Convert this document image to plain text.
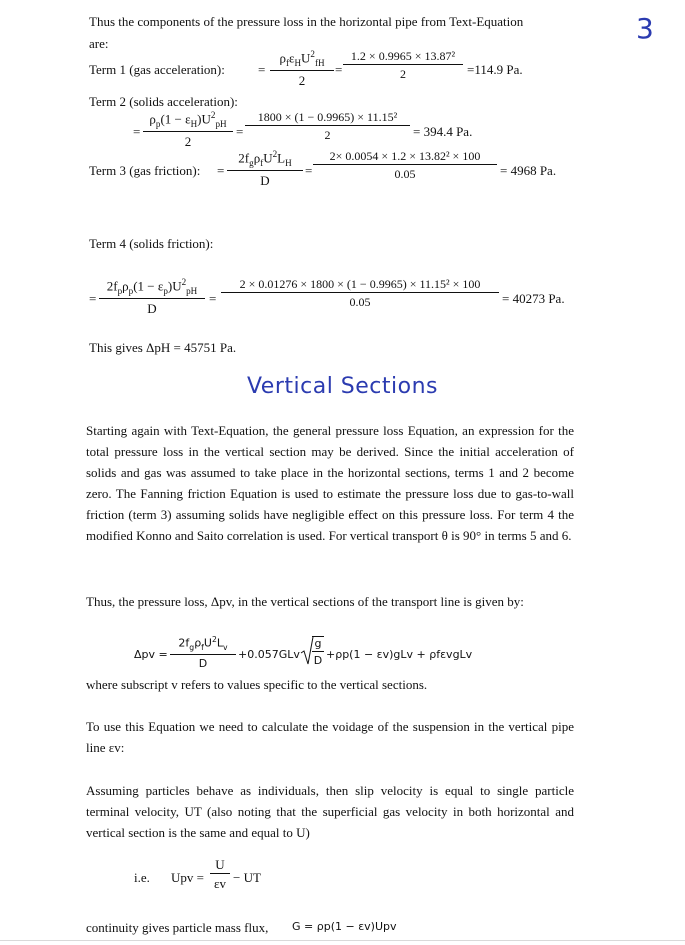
3
Thus the components of the pressure loss in the horizontal pipe from Text-Equation
are:
Term 1 (gas acceleration):	=
$\rho_f\varepsilon_HU^2_{fH}$
2
=
1.2 × 0.9965 × 13.87²
2	=114.9 Pa.
Term 2 (solids acceleration):
=
$\rho_p(1 - \varepsilon_H)U^2_{pH}$
2
=
1800 × (1 − 0.9965) × 11.15²
2	= 394.4 Pa.
Term 3 (gas friction): =
$2f_g\rho_fU^2L_H$
D
=
2× 0.0054 × 1.2 × 13.82² × 100
0.05	= 4968 Pa.
Term 4 (solids friction):
=
$2f_p\rho_p(1 - \varepsilon_p)U^2_{pH}$
D
=
2 × 0.01276 × 1800 × (1 − 0.9965) × 11.15² × 100
0.05	= 40273 Pa.
This gives ΔpH = 45751 Pa.
Vertical Sections
Starting again with Text-Equation, the general pressure loss Equation, an expression for the total pressure loss in the vertical section may be derived. Since the initial acceleration of solids and gas was assumed to take place in the horizontal sections, terms 1 and 2 become zero. The Fanning friction Equation is used to estimate the pressure loss due to gas-to-wall friction (term 3) assuming solids have negligible effect on this pressure loss. For term 4 the modified Konno and Saito correlation is used. For vertical transport θ is 90° in terms 5 and 6.
Thus, the pressure loss, Δpv, in the vertical sections of the transport line is given by:
Δpv =
$2f_g\rho_fU^2L_v$
D
+0.057GLv
g
D +ρp(1 − εv)gLv + ρfεvgLv
where subscript v refers to values specific to the vertical sections.
To use this Equation we need to calculate the voidage of the suspension in the vertical pipe line εv:
Assuming particles behave as individuals, then slip velocity is equal to single particle terminal velocity, UT (also noting that the superficial gas velocity in both horizontal and vertical section is the same and equal to U)
i.e. Upv =
U
εv − UT
continuity gives particle mass flux, G = ρp(1 − εv)Upv
